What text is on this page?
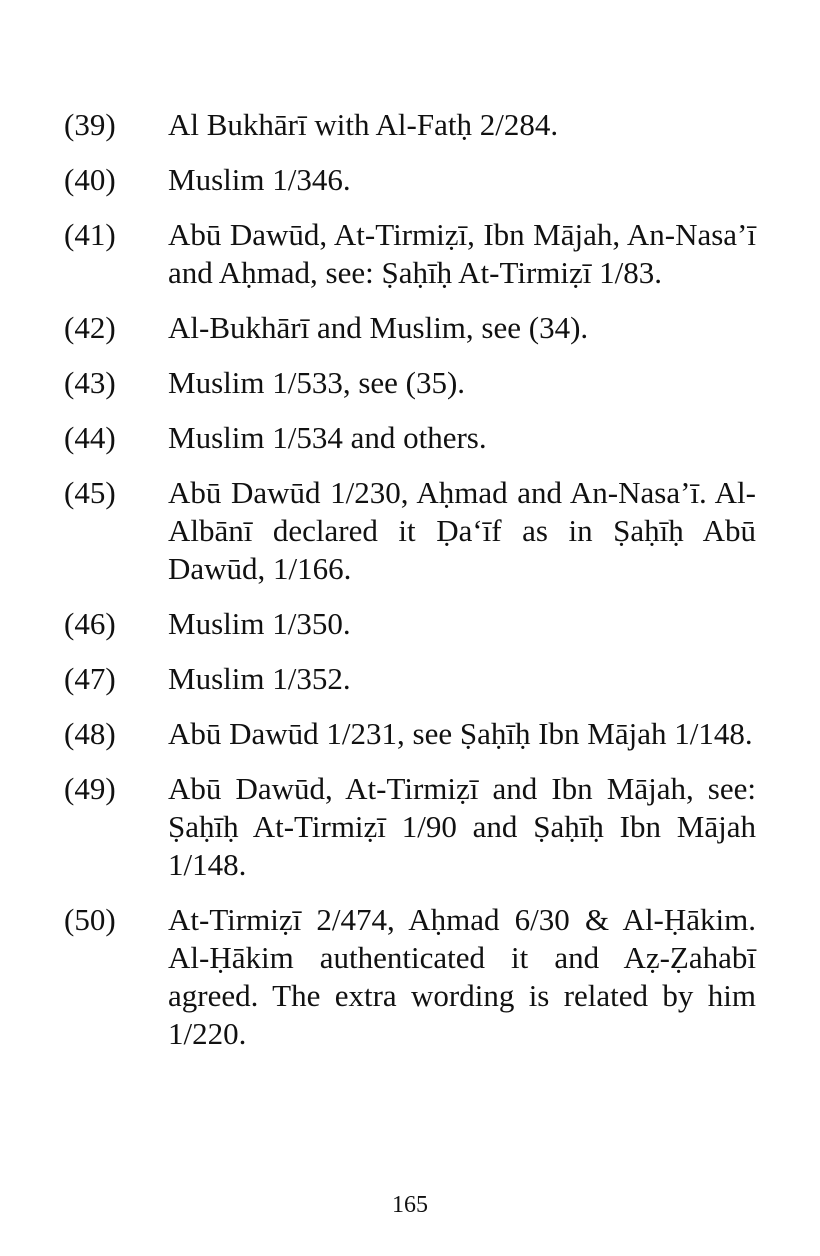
(39)	Al Bukhārī with Al-Fatḥ 2/284.
(40)	Muslim 1/346.
(41)	Abū Dawūd, At-Tirmiẓī, Ibn Mājah, An-Nasa’ī and Aḥmad, see: Ṣaḥīḥ At-Tirmiẓī 1/83.
(42)	Al-Bukhārī and Muslim, see (34).
(43)	Muslim 1/533, see (35).
(44)	Muslim 1/534 and others.
(45)	Abū Dawūd 1/230, Aḥmad and An-Nasa’ī. Al-Albānī declared it Ḍa‘īf as in Ṣaḥīḥ Abū Dawūd, 1/166.
(46)	Muslim 1/350.
(47)	Muslim 1/352.
(48)	Abū Dawūd 1/231, see Ṣaḥīḥ Ibn Mājah 1/148.
(49)	Abū Dawūd, At-Tirmiẓī and Ibn Mājah, see: Ṣaḥīḥ At-Tirmiẓī 1/90 and Ṣaḥīḥ Ibn Mājah 1/148.
(50)	At-Tirmiẓī 2/474, Aḥmad 6/30 & Al-Ḥākim. Al-Ḥākim authenticated it and Aẓ-Ẓahabī agreed. The extra wording is related by him 1/220.
165
